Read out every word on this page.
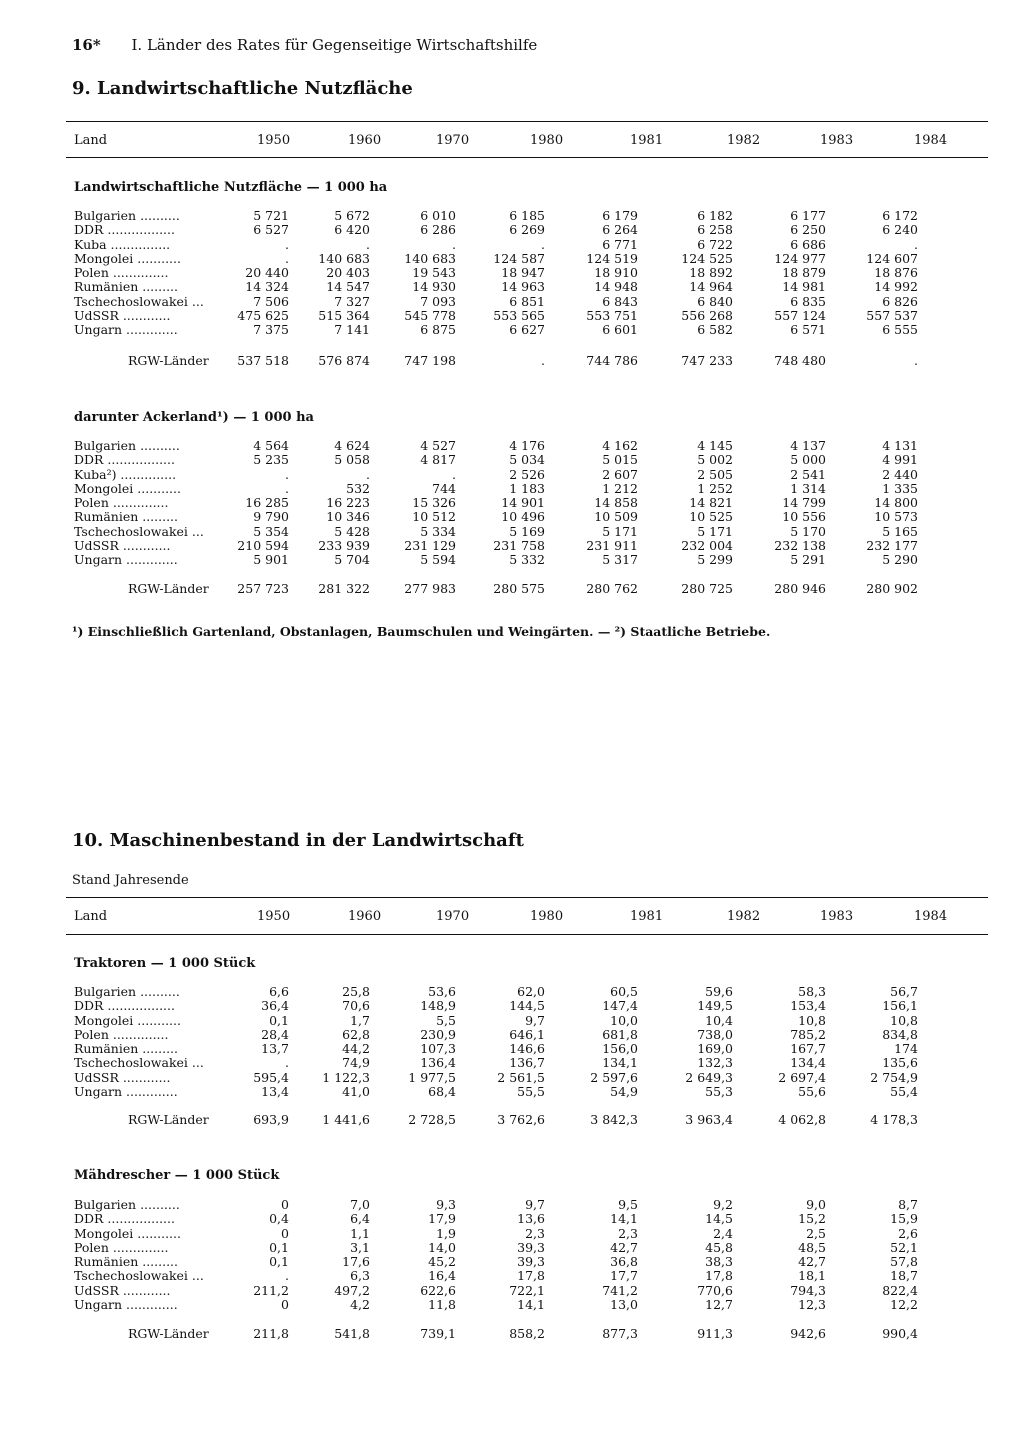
16* I. Länder des Rates für Gegenseitige Wirtschaftshilfe
9. Landwirtschaftliche Nutzfläche
Land	1950	1960	1970	1980	1981	1982	1983	1984
Landwirtschaftliche Nutzfläche — 1 000 ha
Bulgarien ..........	5 721	5 672	6 010	6 185	6 179	6 182	6 177	6 172
DDR .................	6 527	6 420	6 286	6 269	6 264	6 258	6 250	6 240
Kuba ...............	.	.	.	.	6 771	6 722	6 686	.
Mongolei ...........	.	140 683	140 683	124 587	124 519	124 525	124 977	124 607
Polen ..............	20 440	20 403	19 543	18 947	18 910	18 892	18 879	18 876
Rumänien .........	14 324	14 547	14 930	14 963	14 948	14 964	14 981	14 992
Tschechoslowakei ...	7 506	7 327	7 093	6 851	6 843	6 840	6 835	6 826
UdSSR ............	475 625	515 364	545 778	553 565	553 751	556 268	557 124	557 537
Ungarn .............	7 375	7 141	6 875	6 627	6 601	6 582	6 571	6 555
RGW-Länder	537 518	576 874	747 198	.	744 786	747 233	748 480	.
darunter Ackerland¹) — 1 000 ha
Bulgarien ..........	4 564	4 624	4 527	4 176	4 162	4 145	4 137	4 131
DDR .................	5 235	5 058	4 817	5 034	5 015	5 002	5 000	4 991
Kuba²) ..............	.	.	.	2 526	2 607	2 505	2 541	2 440
Mongolei ...........	.	532	744	1 183	1 212	1 252	1 314	1 335
Polen ..............	16 285	16 223	15 326	14 901	14 858	14 821	14 799	14 800
Rumänien .........	9 790	10 346	10 512	10 496	10 509	10 525	10 556	10 573
Tschechoslowakei ...	5 354	5 428	5 334	5 169	5 171	5 171	5 170	5 165
UdSSR ............	210 594	233 939	231 129	231 758	231 911	232 004	232 138	232 177
Ungarn .............	5 901	5 704	5 594	5 332	5 317	5 299	5 291	5 290
RGW-Länder	257 723	281 322	277 983	280 575	280 762	280 725	280 946	280 902
¹) Einschließlich Gartenland, Obstanlagen, Baumschulen und Weingärten. — ²) Staatliche Betriebe.
10. Maschinenbestand in der Landwirtschaft
Stand Jahresende
Land	1950	1960	1970	1980	1981	1982	1983	1984
Traktoren — 1 000 Stück
Bulgarien ..........	6,6	25,8	53,6	62,0	60,5	59,6	58,3	56,7
DDR .................	36,4	70,6	148,9	144,5	147,4	149,5	153,4	156,1
Mongolei ...........	0,1	1,7	5,5	9,7	10,0	10,4	10,8	10,8
Polen ..............	28,4	62,8	230,9	646,1	681,8	738,0	785,2	834,8
Rumänien .........	13,7	44,2	107,3	146,6	156,0	169,0	167,7	174
Tschechoslowakei ...	.	74,9	136,4	136,7	134,1	132,3	134,4	135,6
UdSSR ............	595,4	1 122,3	1 977,5	2 561,5	2 597,6	2 649,3	2 697,4	2 754,9
Ungarn .............	13,4	41,0	68,4	55,5	54,9	55,3	55,6	55,4
RGW-Länder	693,9	1 441,6	2 728,5	3 762,6	3 842,3	3 963,4	4 062,8	4 178,3
Mähdrescher — 1 000 Stück
Bulgarien ..........	0	7,0	9,3	9,7	9,5	9,2	9,0	8,7
DDR .................	0,4	6,4	17,9	13,6	14,1	14,5	15,2	15,9
Mongolei ...........	0	1,1	1,9	2,3	2,3	2,4	2,5	2,6
Polen ..............	0,1	3,1	14,0	39,3	42,7	45,8	48,5	52,1
Rumänien .........	0,1	17,6	45,2	39,3	36,8	38,3	42,7	57,8
Tschechoslowakei ...	.	6,3	16,4	17,8	17,7	17,8	18,1	18,7
UdSSR ............	211,2	497,2	622,6	722,1	741,2	770,6	794,3	822,4
Ungarn .............	0	4,2	11,8	14,1	13,0	12,7	12,3	12,2
RGW-Länder	211,8	541,8	739,1	858,2	877,3	911,3	942,6	990,4
